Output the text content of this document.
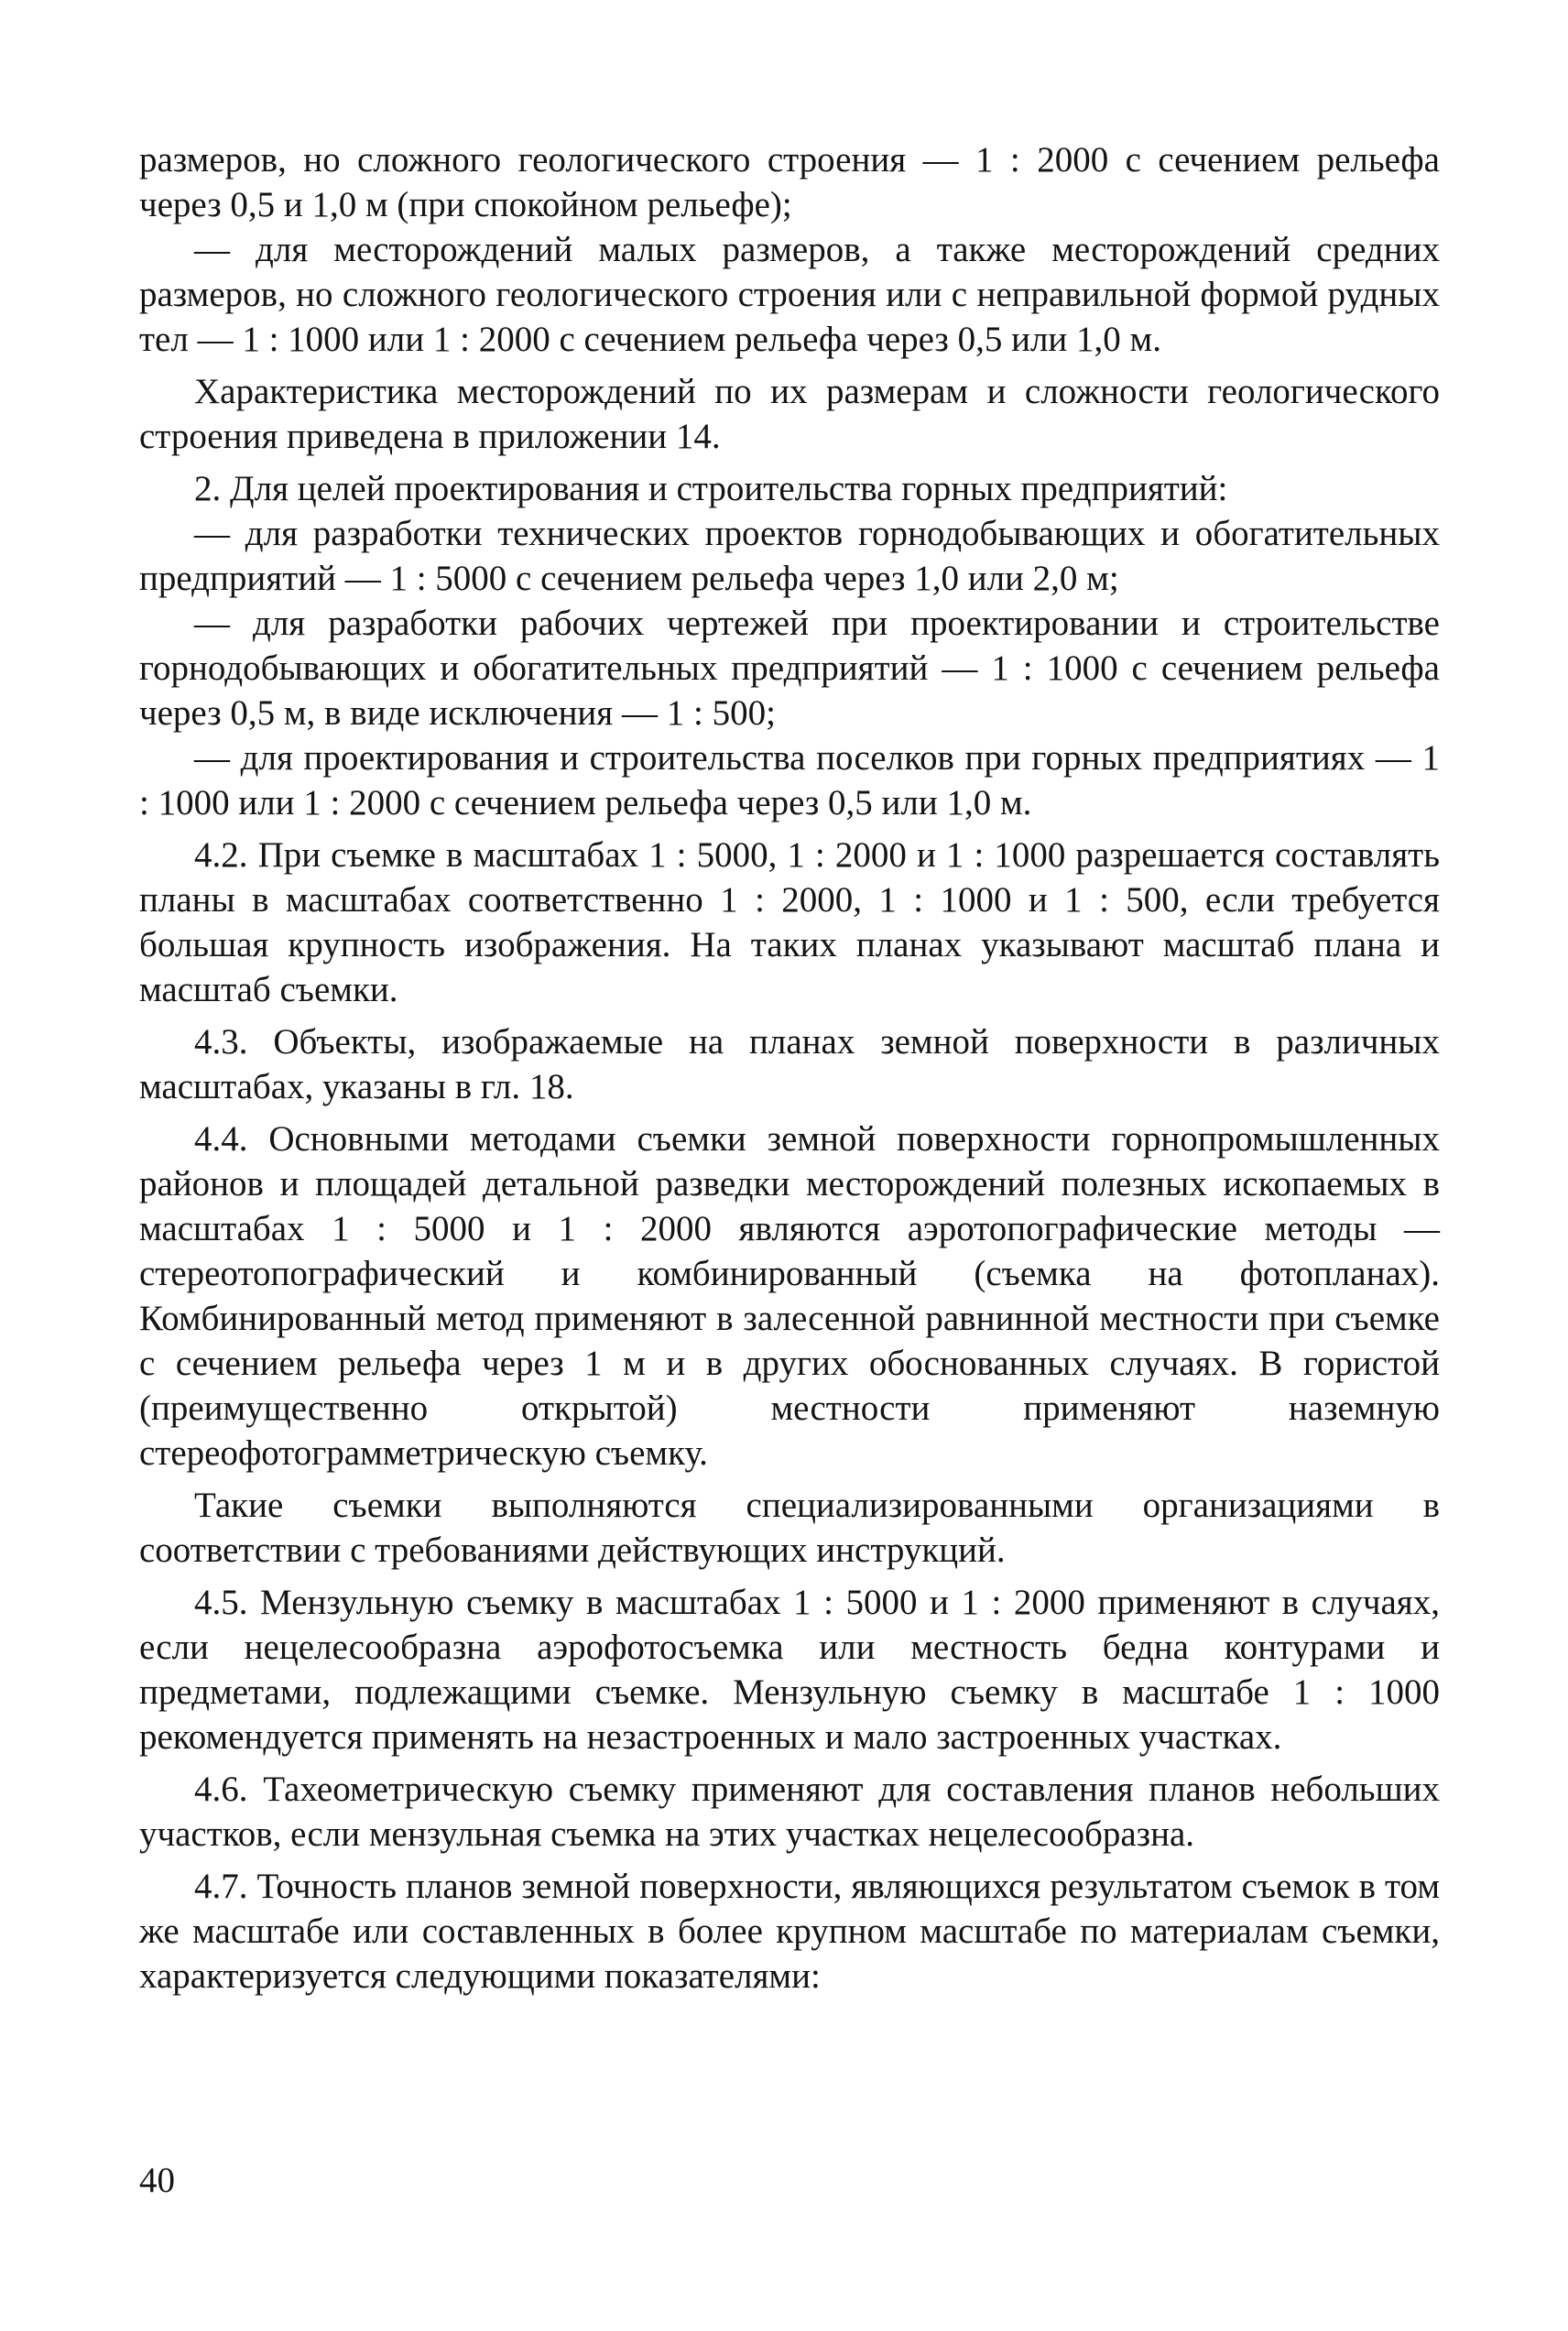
размеров, но сложного геологического строения — 1 : 2000 с сечением рельефа через 0,5 и 1,0 м (при спокойном рельефе);

— для месторождений малых размеров, а также месторождений средних размеров, но сложного геологического строения или с неправильной формой рудных тел — 1 : 1000 или 1 : 2000 с сечением рельефа через 0,5 или 1,0 м.

Характеристика месторождений по их размерам и сложности геологического строения приведена в приложении 14.

2. Для целей проектирования и строительства горных предприятий:

— для разработки технических проектов горнодобывающих и обогатительных предприятий — 1 : 5000 с сечением рельефа через 1,0 или 2,0 м;

— для разработки рабочих чертежей при проектировании и строительстве горнодобывающих и обогатительных предприятий — 1 : 1000 с сечением рельефа через 0,5 м, в виде исключения — 1 : 500;

— для проектирования и строительства поселков при горных предприятиях — 1 : 1000 или 1 : 2000 с сечением рельефа через 0,5 или 1,0 м.

4.2. При съемке в масштабах 1 : 5000, 1 : 2000 и 1 : 1000 разрешается составлять планы в масштабах соответственно 1 : 2000, 1 : 1000 и 1 : 500, если требуется большая крупность изображения. На таких планах указывают масштаб плана и масштаб съемки.

4.3. Объекты, изображаемые на планах земной поверхности в различных масштабах, указаны в гл. 18.

4.4. Основными методами съемки земной поверхности горнопромышленных районов и площадей детальной разведки месторождений полезных ископаемых в масштабах 1 : 5000 и 1 : 2000 являются аэротопографические методы — стереотопографический и комбинированный (съемка на фотопланах). Комбинированный метод применяют в залесенной равнинной местности при съемке с сечением рельефа через 1 м и в других обоснованных случаях. В гористой (преимущественно открытой) местности применяют наземную стереофотограмметрическую съемку.

Такие съемки выполняются специализированными организациями в соответствии с требованиями действующих инструкций.

4.5. Мензульную съемку в масштабах 1 : 5000 и 1 : 2000 применяют в случаях, если нецелесообразна аэрофотосъемка или местность бедна контурами и предметами, подлежащими съемке. Мензульную съемку в масштабе 1 : 1000 рекомендуется применять на незастроенных и мало застроенных участках.

4.6. Тахеометрическую съемку применяют для составления планов небольших участков, если мензульная съемка на этих участках нецелесообразна.

4.7. Точность планов земной поверхности, являющихся результатом съемок в том же масштабе или составленных в более крупном масштабе по материалам съемки, характеризуется следующими показателями:

40
